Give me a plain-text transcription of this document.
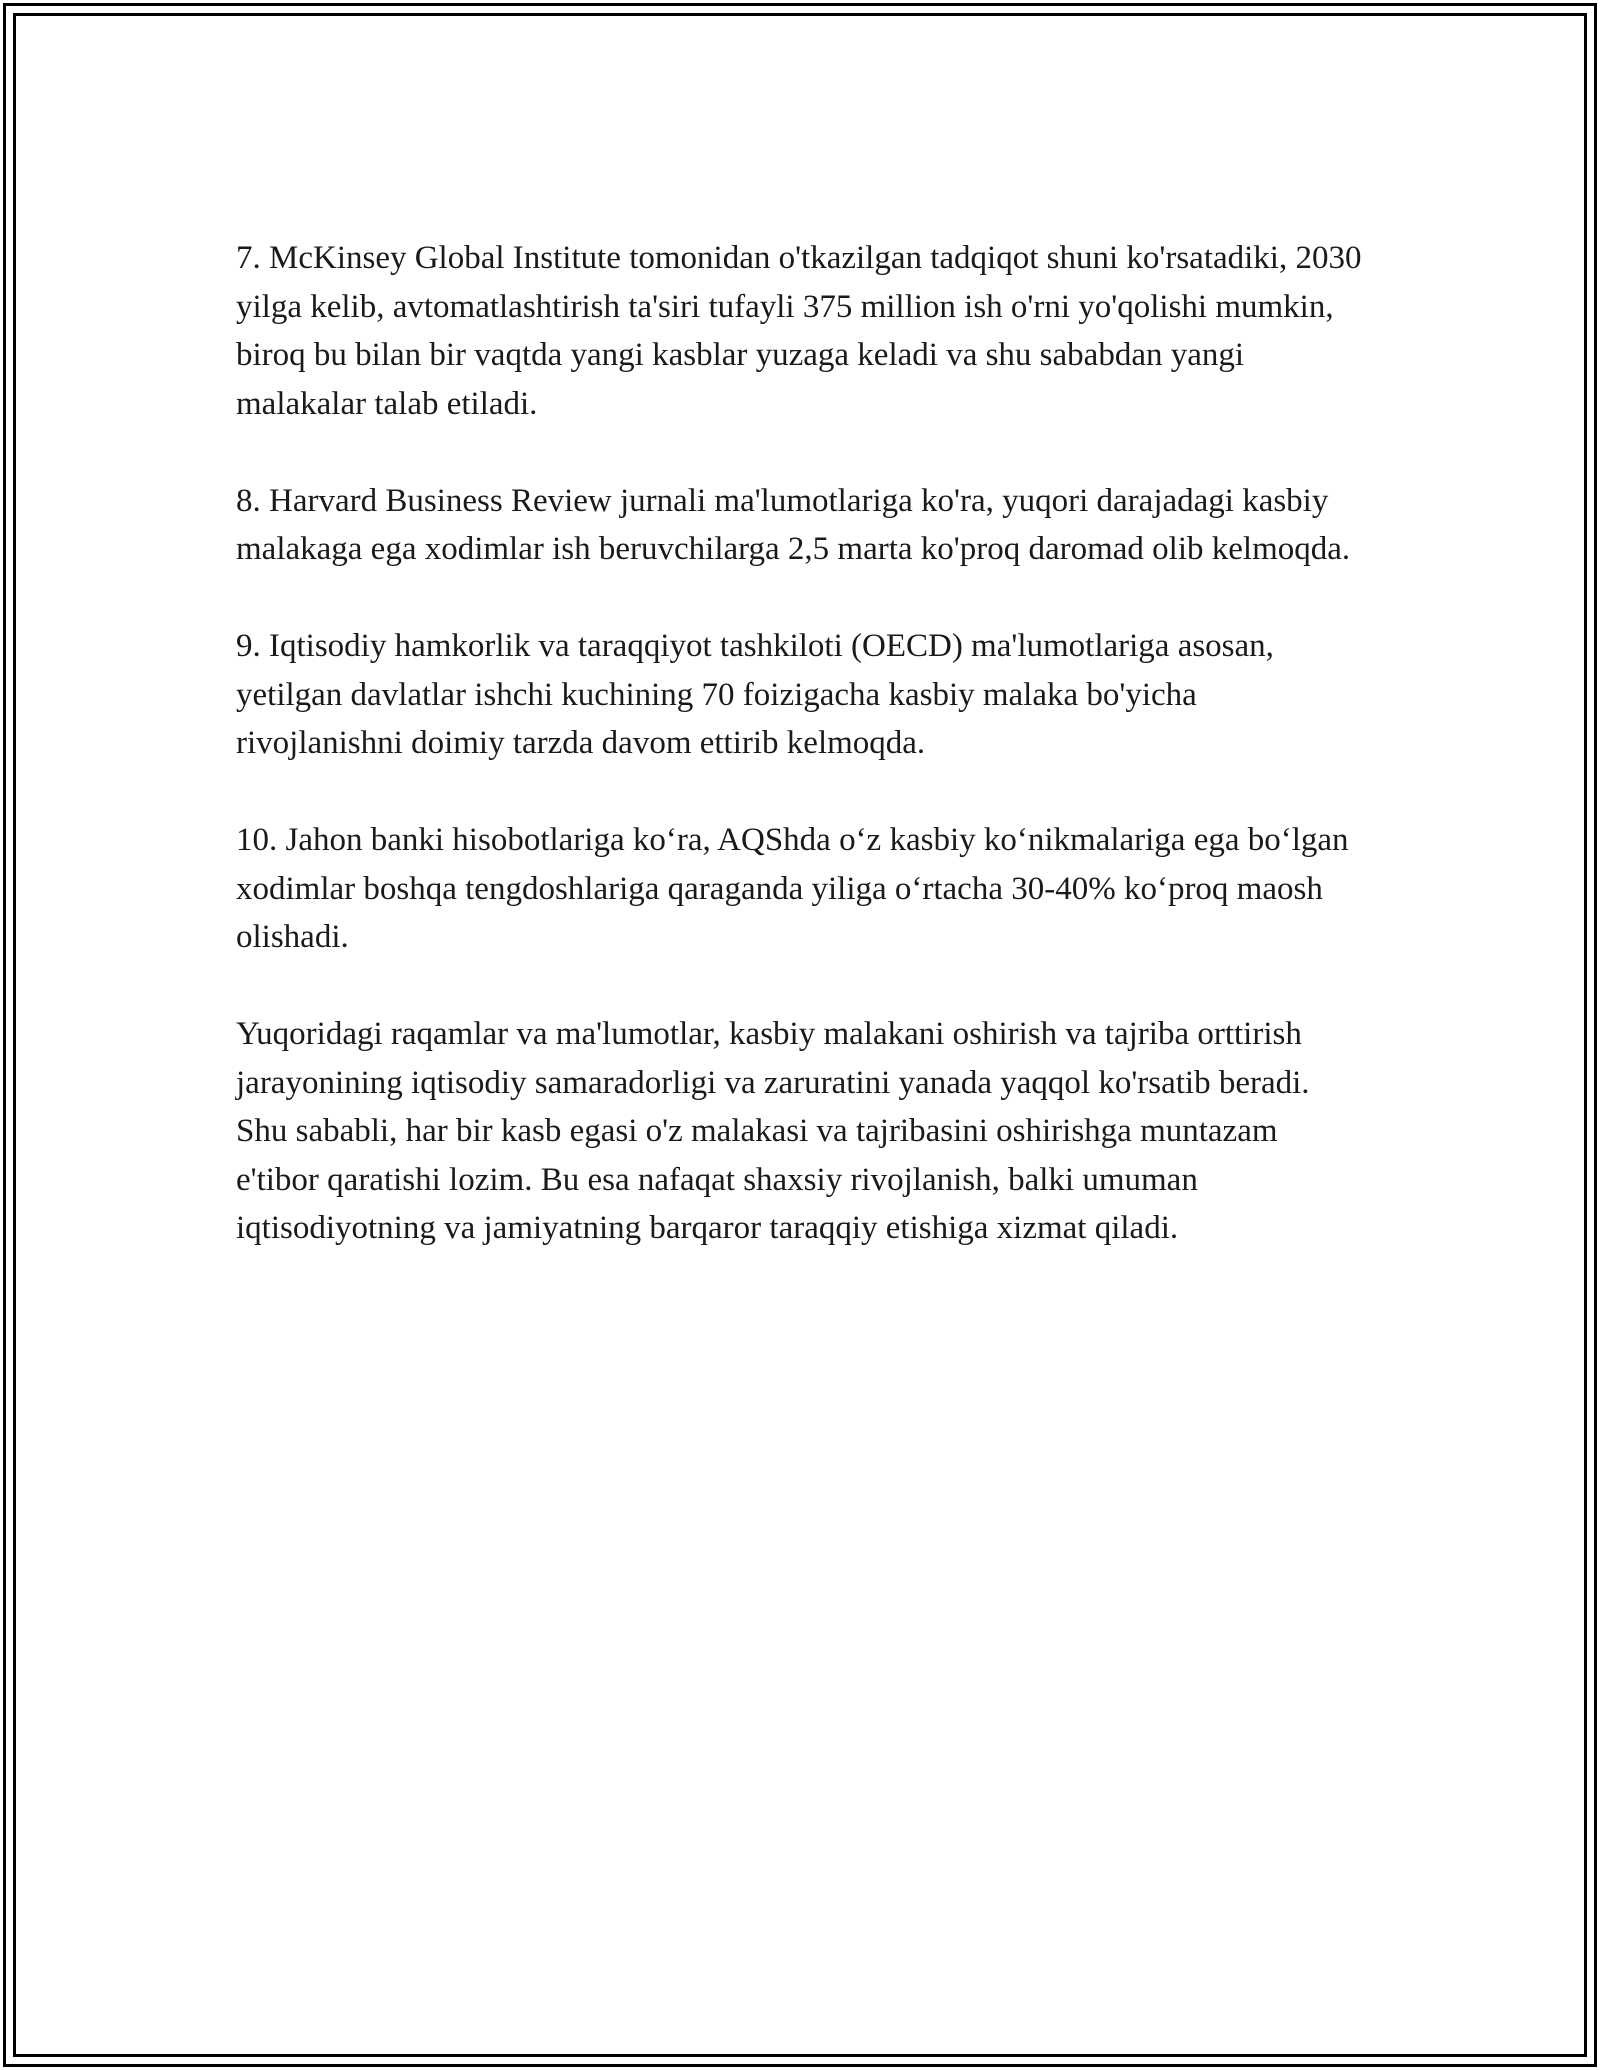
7. McKinsey Global Institute tomonidan o'tkazilgan tadqiqot shuni ko'rsatadiki, 2030 yilga kelib, avtomatlashtirish ta'siri tufayli 375 million ish o'rni yo'qolishi mumkin, biroq bu bilan bir vaqtda yangi kasblar yuzaga keladi va shu sababdan yangi malakalar talab etiladi.

8. Harvard Business Review jurnali ma'lumotlariga ko'ra, yuqori darajadagi kasbiy malakaga ega xodimlar ish beruvchilarga 2,5 marta ko'proq daromad olib kelmoqda.

9. Iqtisodiy hamkorlik va taraqqiyot tashkiloti (OECD) ma'lumotlariga asosan, yetilgan davlatlar ishchi kuchining 70 foizigacha kasbiy malaka bo'yicha rivojlanishni doimiy tarzda davom ettirib kelmoqda.

10. Jahon banki hisobotlariga ko‘ra, AQShda o‘z kasbiy ko‘nikmalariga ega bo‘lgan xodimlar boshqa tengdoshlariga qaraganda yiliga o‘rtacha 30-40% ko‘proq maosh olishadi.

Yuqoridagi raqamlar va ma'lumotlar, kasbiy malakani oshirish va tajriba orttirish jarayonining iqtisodiy samaradorligi va zaruratini yanada yaqqol ko'rsatib beradi. Shu sababli, har bir kasb egasi o'z malakasi va tajribasini oshirishga muntazam e'tibor qaratishi lozim. Bu esa nafaqat shaxsiy rivojlanish, balki umuman iqtisodiyotning va jamiyatning barqaror taraqqiy etishiga xizmat qiladi.
